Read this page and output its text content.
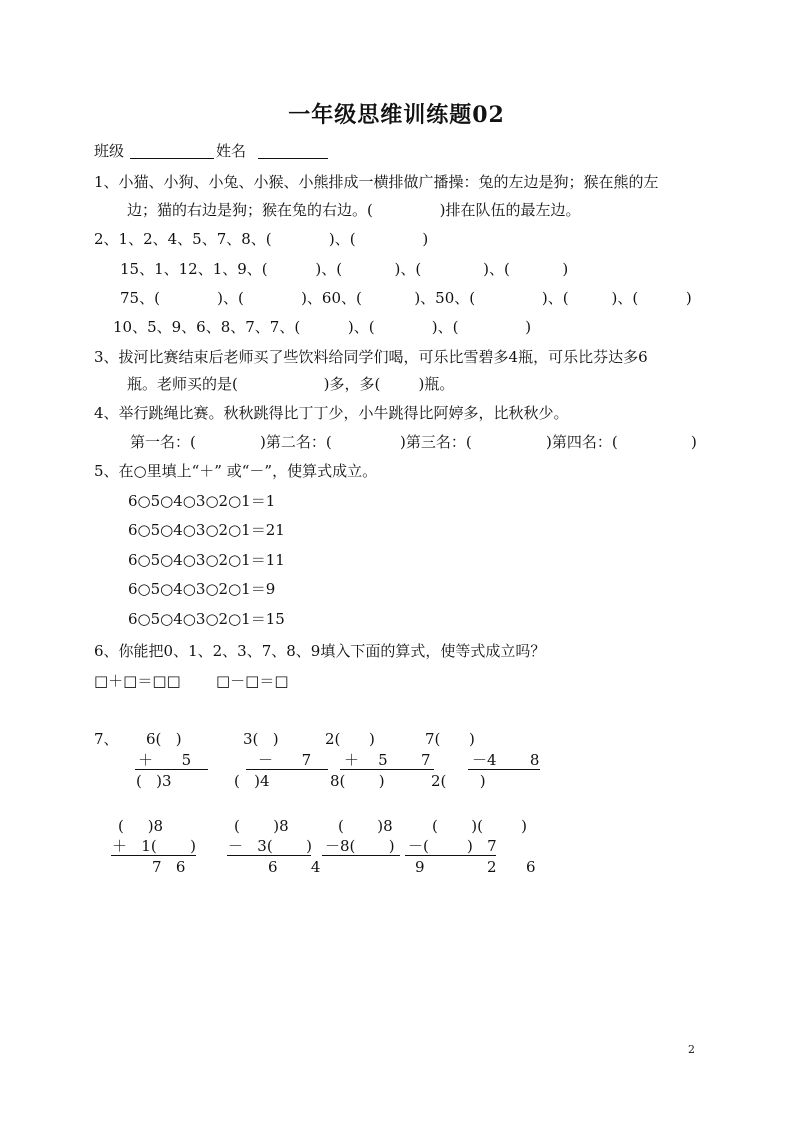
一年级思维训练题02
班级	姓名
1、小猫、小狗、小兔、小猴、小熊排成一横排做广播操：兔的左边是狗；猴在熊的左
边；猫的右边是狗；猴在兔的右边。(              )排在队伍的最左边。
2、1、2、4、5、7、8、(            )、(              )
15、1、12、1、9、(          )、(           )、(             )、(           )
75、(            )、(            )、60、(           )、50、(              )、(         )、(          )
10、5、9、6、8、7、7、(          )、(            )、(              )
3、拔河比赛结束后老师买了些饮料给同学们喝，可乐比雪碧多4瓶，可乐比芬达多6
瓶。老师买的是(                  )多，多(        )瓶。
4、举行跳绳比赛。秋秋跳得比丁丁少，小牛跳得比阿婷多，比秋秋少。
第一名：(	)第二名：(	)第三名：(	)第四名：(	)
5、在○里填上“＋” 或“－”，使算式成立。
6○5○4○3○2○1＝1
6○5○4○3○2○1＝21
6○5○4○3○2○1＝11
6○5○4○3○2○1＝9
6○5○4○3○2○1＝15
6、你能把0、1、2、3、7、8、9填入下面的算式，使等式成立吗？
□＋□＝□□ □－□＝□
7、 6(   )
＋      5
(   )3
3(   )
－      7
(   )4
2(      )
＋    5       7
8(       )
7(      )
2(       )
－4       8
(     )8
＋   1(       )
7   6
(       )8
－   3(       )
6       4
(       )8
－8(       )
(       )(        )
－(        )   7
9	2 6
2
